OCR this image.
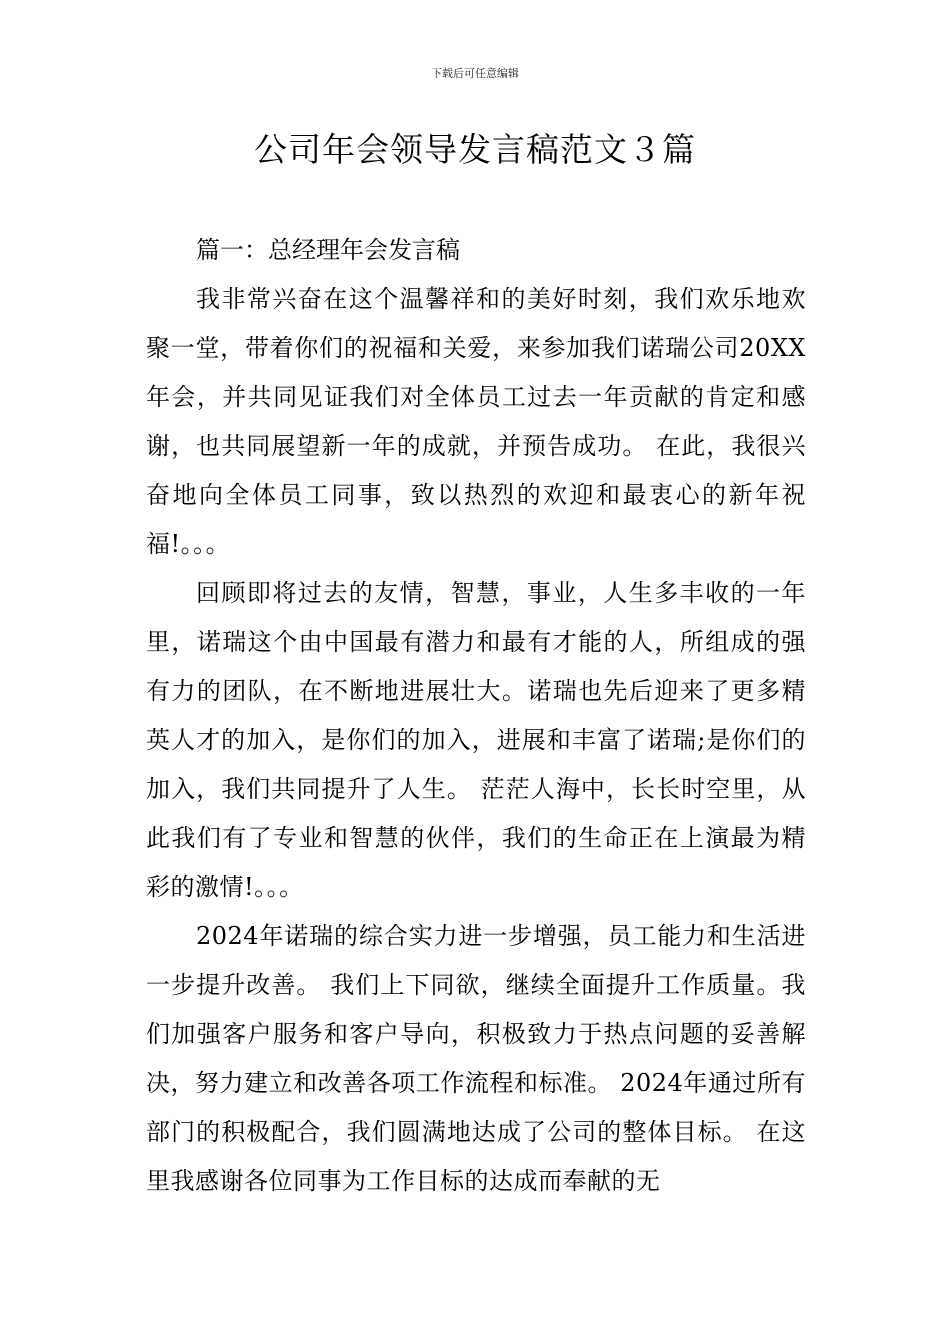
下载后可任意编辑
公司年会领导发言稿范文３篇
篇一：总经理年会发言稿

我非常兴奋在这个温馨祥和的美好时刻，我们欢乐地欢聚一堂，带着你们的祝福和关爱，来参加我们诺瑞公司20XX年会，并共同见证我们对全体员工过去一年贡献的肯定和感谢，也共同展望新一年的成就，并预告成功。 在此，我很兴奋地向全体员工同事，致以热烈的欢迎和最衷心的新年祝福!。。。

回顾即将过去的友情，智慧，事业，人生多丰收的一年里，诺瑞这个由中国最有潜力和最有才能的人，所组成的强有力的团队，在不断地进展壮大。诺瑞也先后迎来了更多精英人才的加入，是你们的加入，进展和丰富了诺瑞;是你们的加入，我们共同提升了人生。 茫茫人海中，长长时空里，从此我们有了专业和智慧的伙伴，我们的生命正在上演最为精彩的激情!。。。

2024年诺瑞的综合实力进一步增强，员工能力和生活进一步提升改善。 我们上下同欲，继续全面提升工作质量。我们加强客户服务和客户导向，积极致力于热点问题的妥善解决，努力建立和改善各项工作流程和标准。 2024年通过所有部门的积极配合，我们圆满地达成了公司的整体目标。 在这里我感谢各位同事为工作目标的达成而奉献的无
